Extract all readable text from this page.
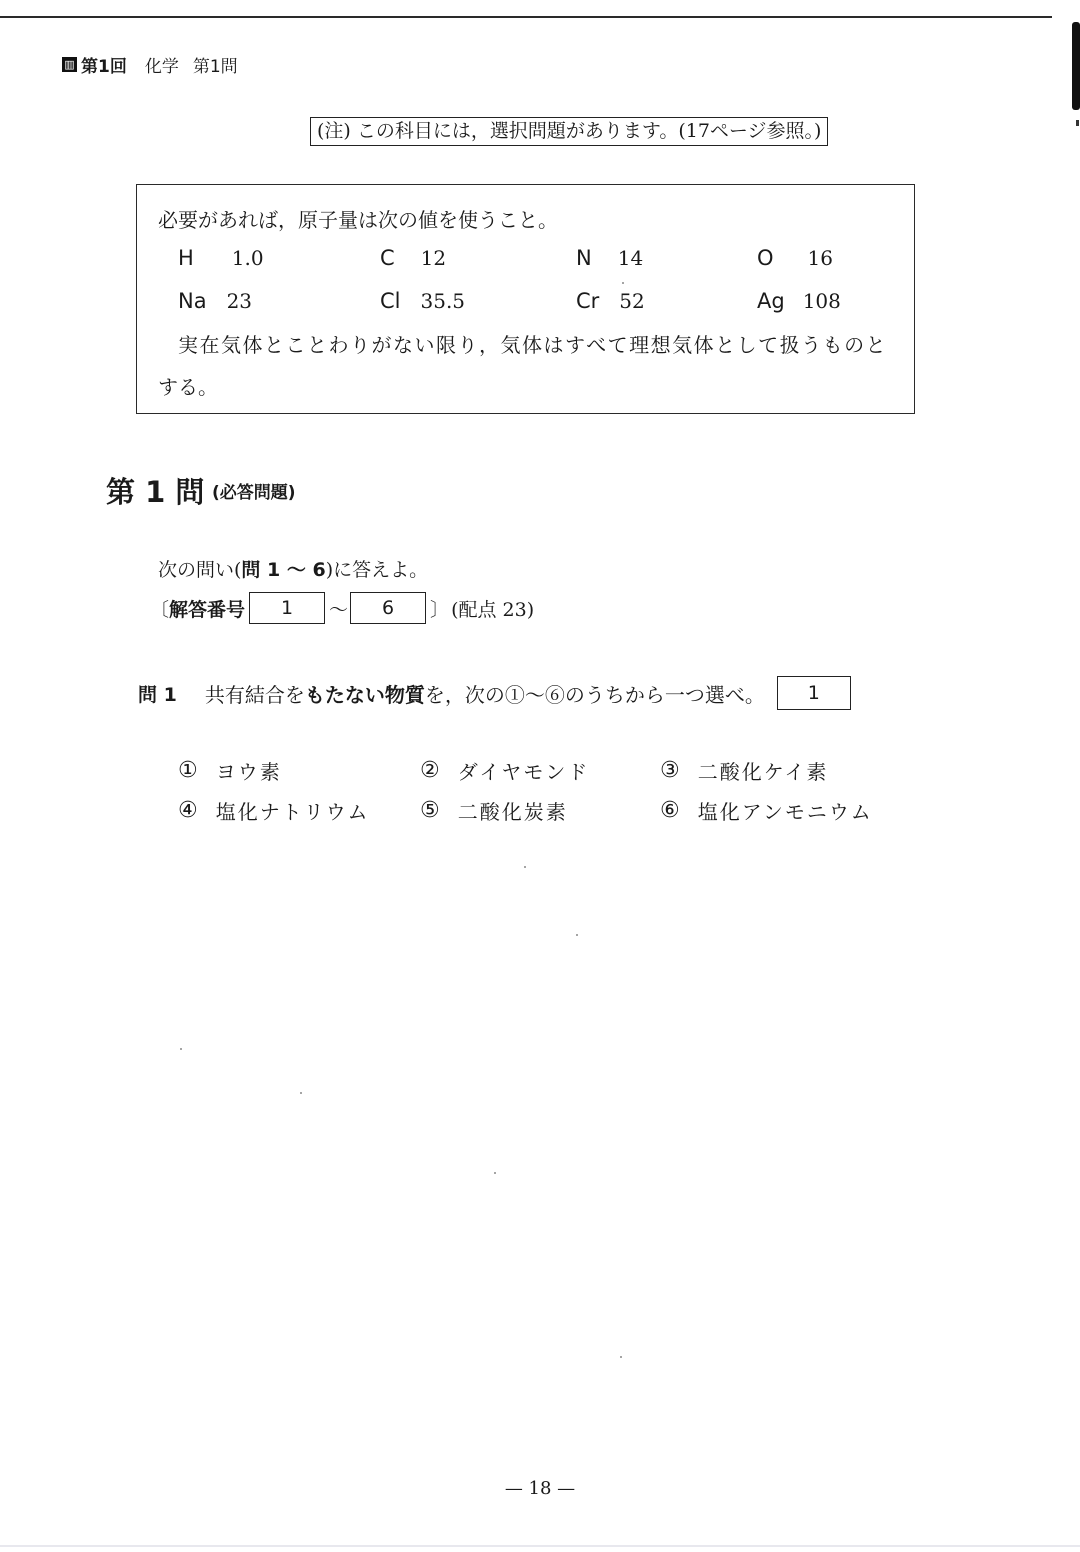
▥ 第1回 化学 第1問
(注) この科目には，選択問題があります。(17ページ参照。)
必要があれば，原子量は次の値を使うこと。
H 1.0	C 12	N 14	O 16
Na 23	Cl 35.5	Cr 52	Ag 108
実在気体とことわりがない限り，気体はすべて理想気体として扱うものと
する。
第 1 問 (必答問題)
次の問い(問 1 ～ 6)に答えよ。
〔 解答番号	1	～	6	〕 (配点 23)
問 1 共有結合を もたない物質 を，次の①～⑥のうちから一つ選べ。	1
① ヨウ素	② ダイヤモンド	③ 二酸化ケイ素
④ 塩化ナトリウム ⑤ 二酸化炭素	⑥ 塩化アンモニウム
— 18 —
